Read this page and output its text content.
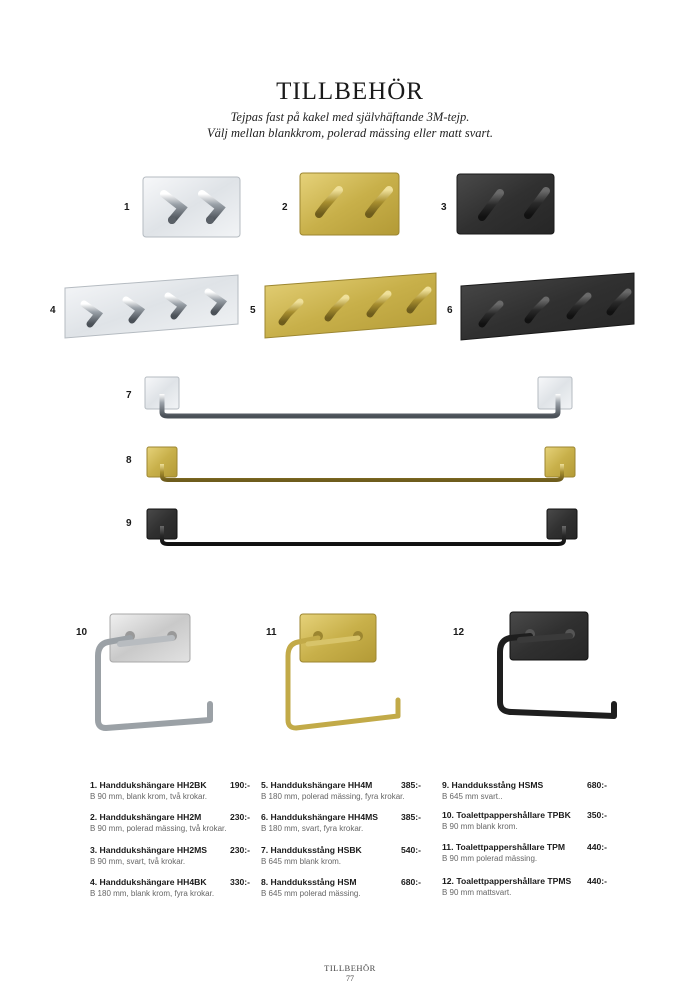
TILLBEHÖR
Tejpas fast på kakel med självhäftande 3M-tejp.
Välj mellan blankkrom, polerad mässing eller matt svart.
1	2	3
4	5	6
7
8
9
10	11	12
1. Handdukshängare HH2BK	190:-
B 90 mm, blank krom, två krokar.
2. Handdukshängare HH2M	230:-
B 90 mm, polerad mässing, två krokar.
3. Handdukshängare HH2MS	230:-
B 90 mm, svart, två krokar.
4. Handdukshängare HH4BK	330:-
B 180 mm, blank krom, fyra krokar.
5. Handdukshängare HH4M	385:-
B 180 mm, polerad mässing, fyra krokar.
6. Handdukshängare HH4MS	385:-
B 180 mm, svart, fyra krokar.
7. Handduksstång HSBK	540:-
B 645 mm blank krom.
8. Handduksstång HSM	680:-
B 645 mm polerad mässing.
9. Handduksstång HSMS	680:-
B 645 mm svart..
10. Toalettpappershållare TPBK 350:-
B 90 mm blank krom.
11. Toalettpappershållare TPM	440:-
B 90 mm polerad mässing.
12. Toalettpappershållare TPMS 440:-
B 90 mm mattsvart.
TILLBEHÖR
77
